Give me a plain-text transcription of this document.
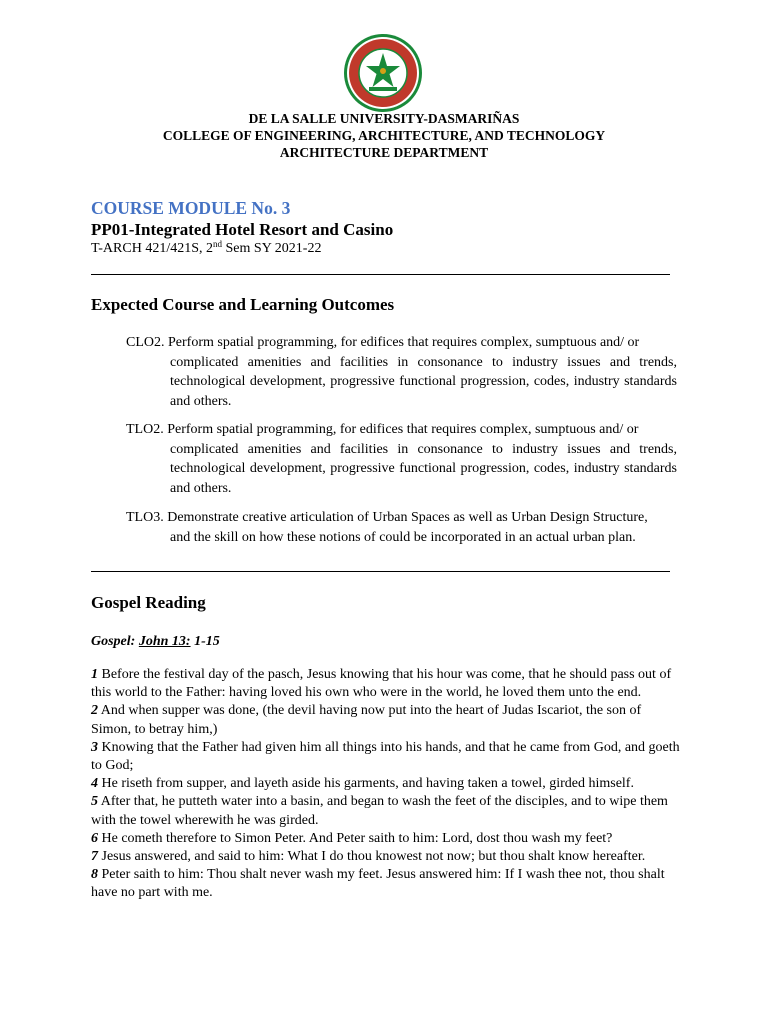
DE LA SALLE UNIVERSITY-DASMARIÑAS
COLLEGE OF ENGINEERING, ARCHITECTURE, AND TECHNOLOGY
ARCHITECTURE DEPARTMENT
COURSE MODULE No. 3
PP01-Integrated Hotel Resort and Casino
T-ARCH 421/421S, 2nd Sem SY 2021-22
Expected Course and Learning Outcomes
CLO2. Perform spatial programming, for edifices that requires complex, sumptuous and/ or
complicated amenities and facilities in consonance to industry issues and trends, technological development, progressive functional progression, codes, industry standards and others.
TLO2. Perform spatial programming, for edifices that requires complex, sumptuous and/ or
complicated amenities and facilities in consonance to industry issues and trends, technological development, progressive functional progression, codes, industry standards and others.
TLO3. Demonstrate creative articulation of Urban Spaces as well as Urban Design Structure,
and the skill on how these notions of could be incorporated in an actual urban plan.
Gospel Reading
Gospel: John 13: 1-15
1 Before the festival day of the pasch, Jesus knowing that his hour was come, that he should pass out of this world to the Father: having loved his own who were in the world, he loved them unto the end.
2 And when supper was done, (the devil having now put into the heart of Judas Iscariot, the son of Simon, to betray him,)
3 Knowing that the Father had given him all things into his hands, and that he came from God, and goeth to God;
4 He riseth from supper, and layeth aside his garments, and having taken a towel, girded himself.
5 After that, he putteth water into a basin, and began to wash the feet of the disciples, and to wipe them with the towel wherewith he was girded.
6 He cometh therefore to Simon Peter. And Peter saith to him: Lord, dost thou wash my feet?
7 Jesus answered, and said to him: What I do thou knowest not now; but thou shalt know hereafter.
8 Peter saith to him: Thou shalt never wash my feet. Jesus answered him: If I wash thee not, thou shalt have no part with me.
